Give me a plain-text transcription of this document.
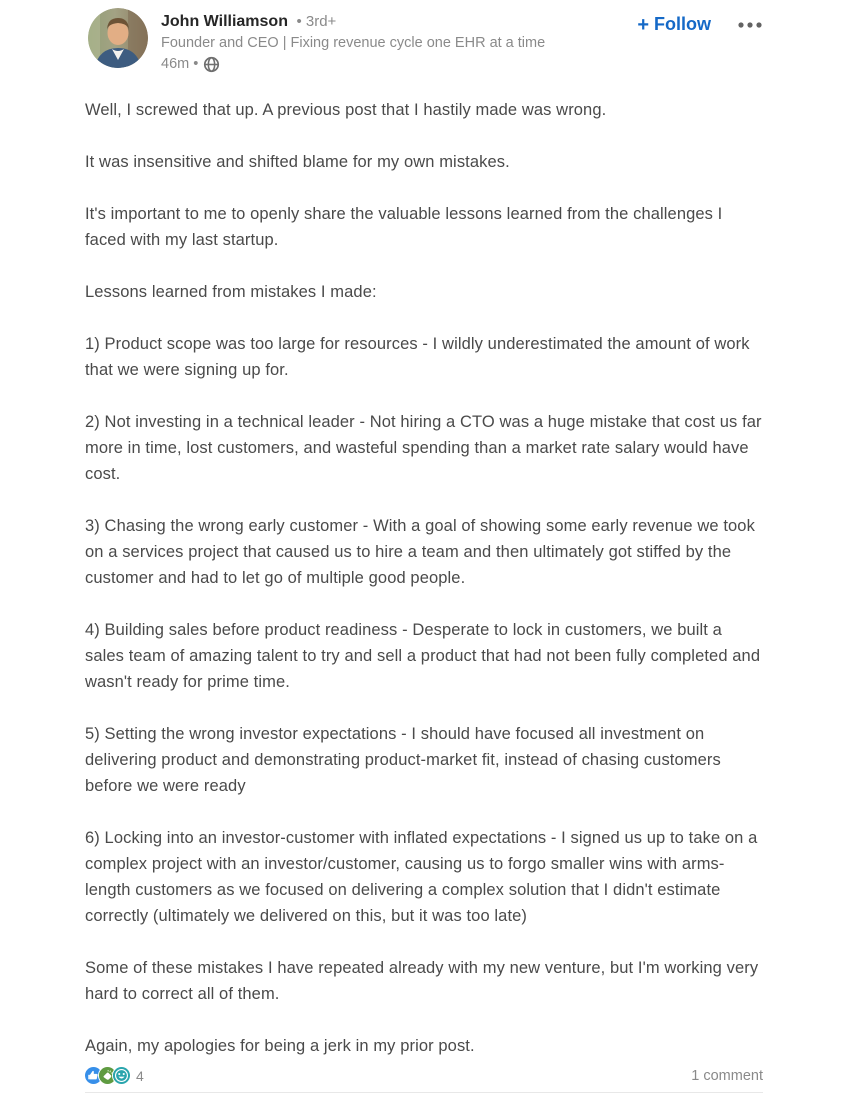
John Williamson • 3rd+
Founder and CEO | Fixing revenue cycle one EHR at a time
46m •
+ Follow

Well, I screwed that up. A previous post that I hastily made was wrong.

It was insensitive and shifted blame for my own mistakes.

It's important to me to openly share the valuable lessons learned from the challenges I faced with my last startup.

Lessons learned from mistakes I made:

1) Product scope was too large for resources - I wildly underestimated the amount of work that we were signing up for.

2) Not investing in a technical leader - Not hiring a CTO was a huge mistake that cost us far more in time, lost customers, and wasteful spending than a market rate salary would have cost.

3) Chasing the wrong early customer - With a goal of showing some early revenue we took on a services project that caused us to hire a team and then ultimately got stiffed by the customer and had to let go of multiple good people.

4) Building sales before product readiness - Desperate to lock in customers, we built a sales team of amazing talent to try and sell a product that had not been fully completed and wasn't ready for prime time.

5) Setting the wrong investor expectations - I should have focused all investment on delivering product and demonstrating product-market fit, instead of chasing customers before we were ready

6) Locking into an investor-customer with inflated expectations - I signed us up to take on a complex project with an investor/customer, causing us to forgo smaller wins with arms-length customers as we focused on delivering a complex solution that I didn't estimate correctly (ultimately we delivered on this, but it was too late)

Some of these mistakes I have repeated already with my new venture, but I'm working very hard to correct all of them.

Again, my apologies for being a jerk in my prior post.

4	1 comment
